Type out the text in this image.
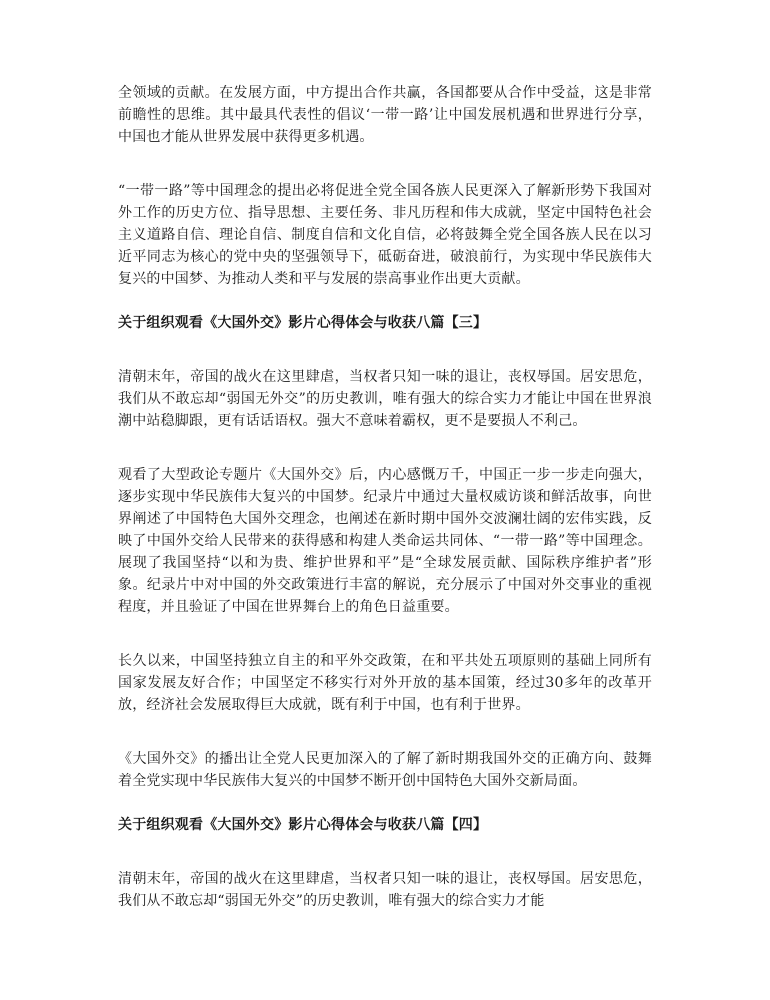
全领域的贡献。在发展方面，中方提出合作共赢，各国都要从合作中受益，这是非常前瞻性的思维。其中最具代表性的倡议‘一带一路’让中国发展机遇和世界进行分享，中国也才能从世界发展中获得更多机遇。

“一带一路”等中国理念的提出必将促进全党全国各族人民更深入了解新形势下我国对外工作的历史方位、指导思想、主要任务、非凡历程和伟大成就，坚定中国特色社会主义道路自信、理论自信、制度自信和文化自信，必将鼓舞全党全国各族人民在以习近平同志为核心的党中央的坚强领导下，砥砺奋进，破浪前行，为实现中华民族伟大复兴的中国梦、为推动人类和平与发展的崇高事业作出更大贡献。

关于组织观看《大国外交》影片心得体会与收获八篇【三】

清朝末年，帝国的战火在这里肆虐，当权者只知一味的退让，丧权辱国。居安思危，我们从不敢忘却“弱国无外交”的历史教训，唯有强大的综合实力才能让中国在世界浪潮中站稳脚跟，更有话话语权。强大不意味着霸权，更不是要损人不利己。

观看了大型政论专题片《大国外交》后，内心感慨万千，中国正一步一步走向强大，逐步实现中华民族伟大复兴的中国梦。纪录片中通过大量权威访谈和鲜活故事，向世界阐述了中国特色大国外交理念，也阐述在新时期中国外交波澜壮阔的宏伟实践，反映了中国外交给人民带来的获得感和构建人类命运共同体、“一带一路”等中国理念。展现了我国坚持“以和为贵、维护世界和平”是“全球发展贡献、国际秩序维护者”形象。纪录片中对中国的外交政策进行丰富的解说，充分展示了中国对外交事业的重视程度，并且验证了中国在世界舞台上的角色日益重要。

长久以来，中国坚持独立自主的和平外交政策，在和平共处五项原则的基础上同所有国家发展友好合作；中国坚定不移实行对外开放的基本国策，经过30多年的改革开放，经济社会发展取得巨大成就，既有利于中国，也有利于世界。

《大国外交》的播出让全党人民更加深入的了解了新时期我国外交的正确方向、鼓舞着全党实现中华民族伟大复兴的中国梦不断开创中国特色大国外交新局面。

关于组织观看《大国外交》影片心得体会与收获八篇【四】

清朝末年，帝国的战火在这里肆虐，当权者只知一味的退让，丧权辱国。居安思危，我们从不敢忘却“弱国无外交”的历史教训，唯有强大的综合实力才能
